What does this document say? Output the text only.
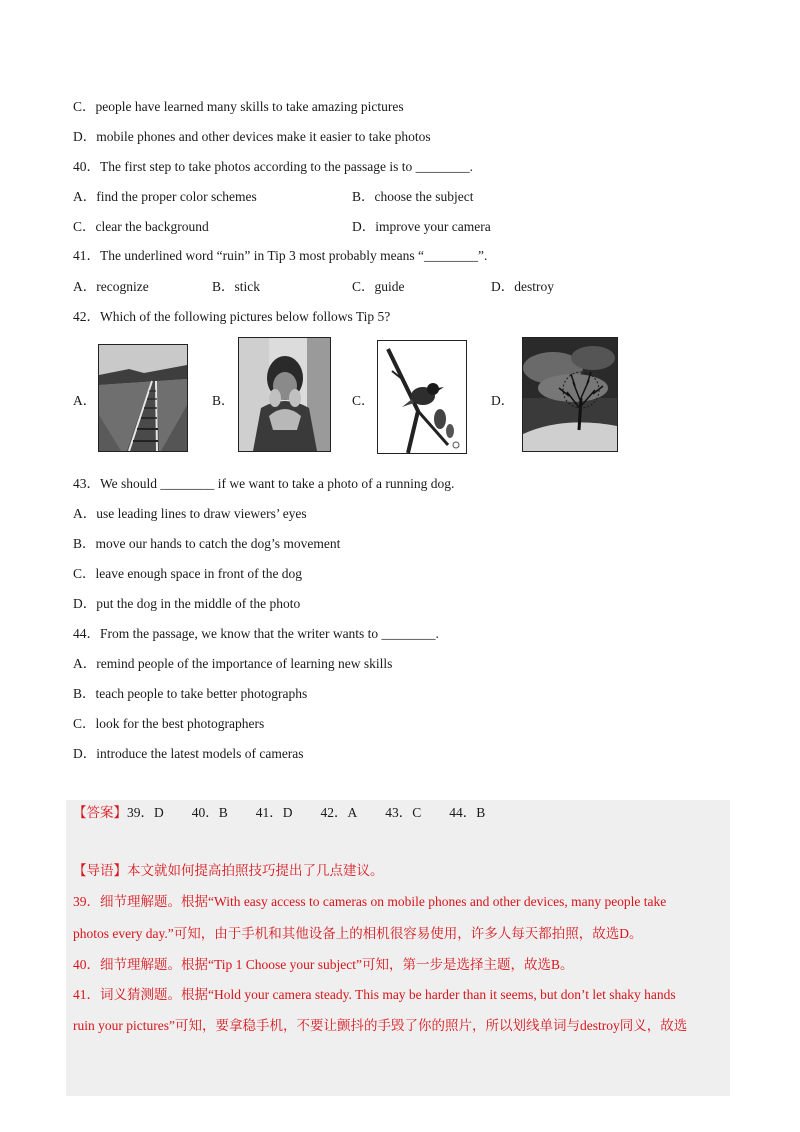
C．people have learned many skills to take amazing pictures
D．mobile phones and other devices make it easier to take photos
40．The first step to take photos according to the passage is to ________.
A．find the proper color schemes	B．choose the subject
C．clear the background	D．improve your camera
41．The underlined word “ruin” in Tip 3 most probably means “________”.
A．recognize	B．stick	C．guide	D．destroy
42．Which of the following pictures below follows Tip 5?
A．	B．	C．	D．
43．We should ________ if we want to take a photo of a running dog.
A．use leading lines to draw viewers’ eyes
B．move our hands to catch the dog’s movement
C．leave enough space in front of the dog
D．put the dog in the middle of the photo
44．From the passage, we know that the writer wants to ________.
A．remind people of the importance of learning new skills
B．teach people to take better photographs
C．look for the best photographers
D．introduce the latest models of cameras
【答案】39．D 40．B 41．D 42．A 43．C 44．B
【导语】本文就如何提高拍照技巧提出了几点建议。
39．细节理解题。根据“With easy access to cameras on mobile phones and other devices, many people take
photos every day.”可知，由于手机和其他设备上的相机很容易使用，许多人每天都拍照，故选D。
40．细节理解题。根据“Tip 1 Choose your subject”可知，第一步是选择主题，故选B。
41．词义猜测题。根据“Hold your camera steady. This may be harder than it seems, but don’t let shaky hands
ruin your pictures”可知，要拿稳手机，不要让颤抖的手毁了你的照片，所以划线单词与destroy同义，故选
